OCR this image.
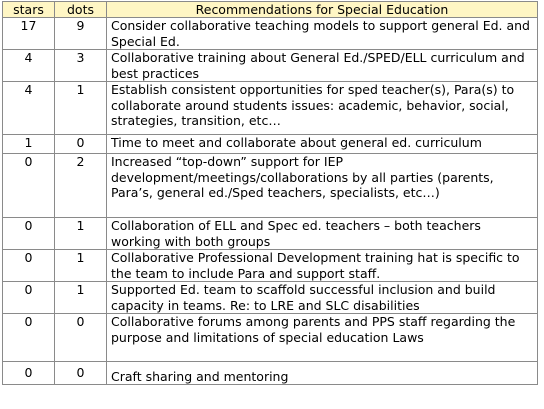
stars	dots	Recommendations for Special Education
17	9	Consider collaborative teaching models to support general Ed. and Special Ed.
4	3	Collaborative training about General Ed./SPED/ELL curriculum and best practices
4	1	Establish consistent opportunities for sped teacher(s), Para(s) to collaborate around students issues: academic, behavior, social, strategies, transition, etc…
1	0	Time to meet and collaborate about general ed. curriculum
0	2	Increased “top-down” support for IEP development/meetings/collaborations by all parties (parents, Para’s, general ed./Sped teachers, specialists, etc…)
0	1	Collaboration of ELL and Spec ed. teachers – both teachers working with both groups
0	1	Collaborative Professional Development training hat is specific to the team to include Para and support staff.
0	1	Supported Ed. team to scaffold successful inclusion and build capacity in teams. Re: to LRE and SLC disabilities
0	0	Collaborative forums among parents and PPS staff regarding the purpose and limitations of special education Laws
0	0	Craft sharing and mentoring
